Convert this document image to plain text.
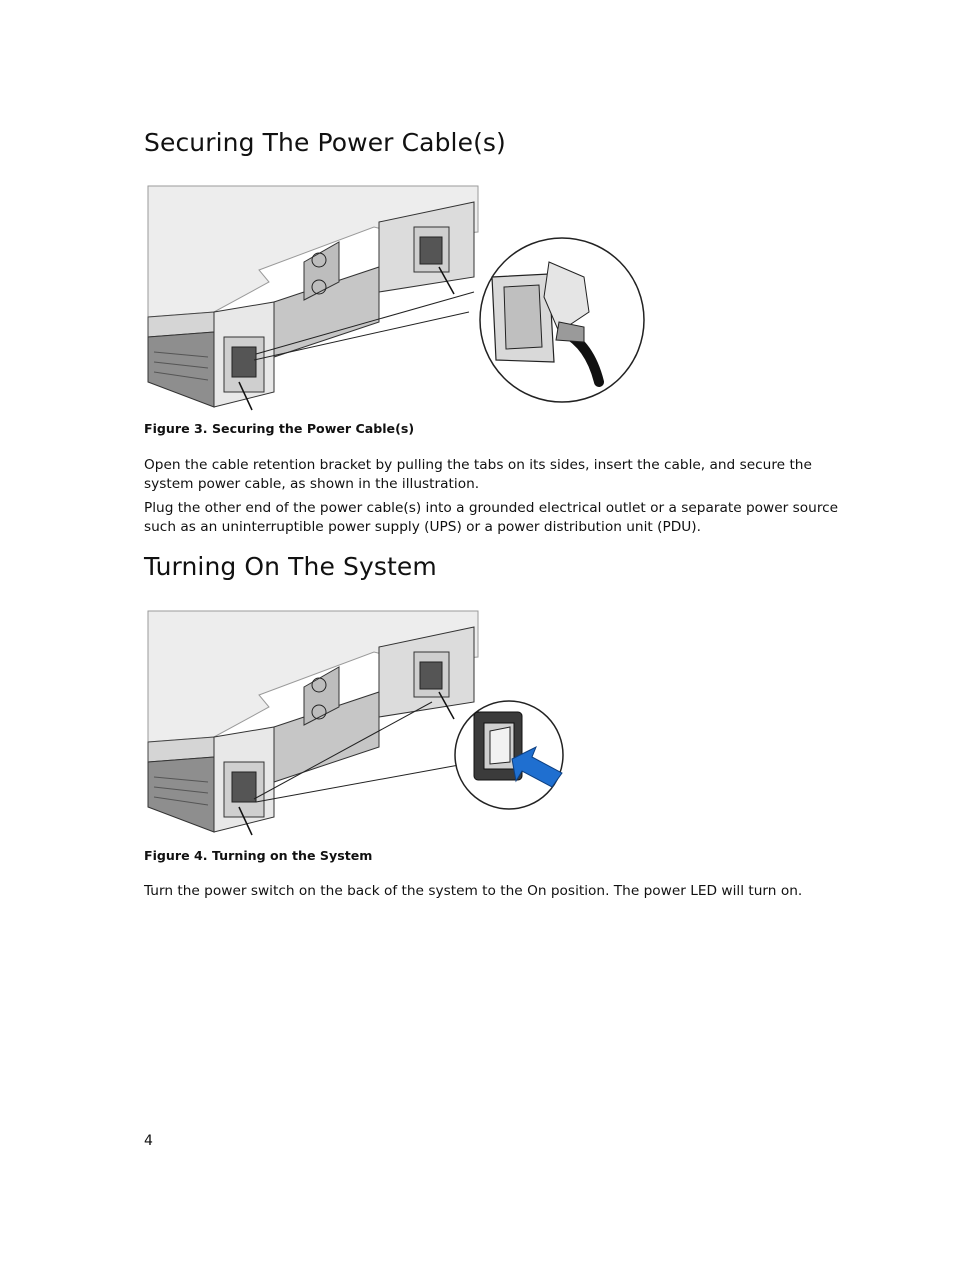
Securing The Power Cable(s)
Figure 3. Securing the Power Cable(s)

Open the cable retention bracket by pulling the tabs on its sides, insert the cable, and secure the system power cable, as shown in the illustration.

Plug the other end of the power cable(s) into a grounded electrical outlet or a separate power source such as an uninterruptible power supply (UPS) or a power distribution unit (PDU).

Turning On The System
Figure 4. Turning on the System

Turn the power switch on the back of the system to the On position. The power LED will turn on.

4
